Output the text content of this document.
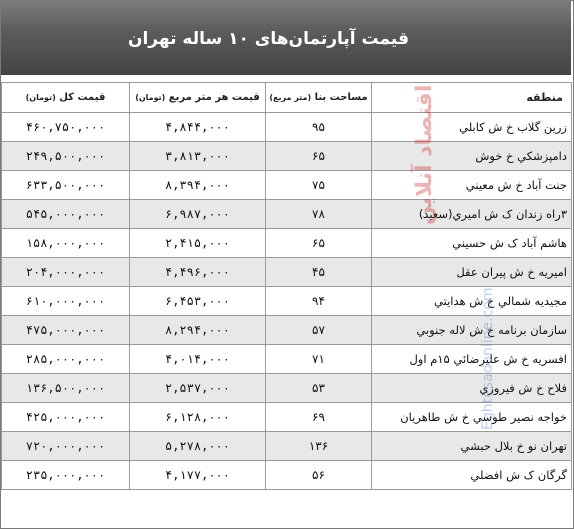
قیمت آپارتمان‌های ۱۰ ساله تهران
منطقه	مساحت بنا (متر مربع)	قیمت هر متر مربع (تومان)	قیمت کل (تومان)
زرین گلاب خ ش کابلي	۹۵	۴,۸۴۴,۰۰۰	۴۶۰,۷۵۰,۰۰۰
دامپزشکي خ خوش	۶۵	۳,۸۱۳,۰۰۰	۲۴۹,۵۰۰,۰۰۰
جنت آباد خ ش معيني	۷۵	۸,۳۹۴,۰۰۰	۶۳۳,۵۰۰,۰۰۰
۳راه زندان ک ش اميري(سعيد)	۷۸	۶,۹۸۷,۰۰۰	۵۴۵,۰۰۰,۰۰۰
هاشم آباد ک ش حسيني	۶۵	۲,۴۱۵,۰۰۰	۱۵۸,۰۰۰,۰۰۰
اميريه خ ش پيران عقل	۴۵	۴,۴۹۶,۰۰۰	۲۰۴,۰۰۰,۰۰۰
مجيديه شمالي خ ش هدايتي	۹۴	۶,۴۵۳,۰۰۰	۶۱۰,۰۰۰,۰۰۰
سازمان برنامه خ ش لاله جنوبي	۵۷	۸,۲۹۴,۰۰۰	۴۷۵,۰۰۰,۰۰۰
افسريه خ ش عليرضائي ۱۵م اول	۷۱	۴,۰۱۴,۰۰۰	۲۸۵,۰۰۰,۰۰۰
فلاح خ ش فيروزي	۵۳	۲,۵۳۷,۰۰۰	۱۳۶,۵۰۰,۰۰۰
خواجه نصير طوسي خ ش طاهريان	۶۹	۶,۱۲۸,۰۰۰	۴۲۵,۰۰۰,۰۰۰
تهران نو خ بلال حبشي	۱۳۶	۵,۲۷۸,۰۰۰	۷۲۰,۰۰۰,۰۰۰
گرگان ک ش افضلي	۵۶	۴,۱۷۷,۰۰۰	۲۳۵,۰۰۰,۰۰۰
اقتصاد آنلاین
Eghtesadonline.com
